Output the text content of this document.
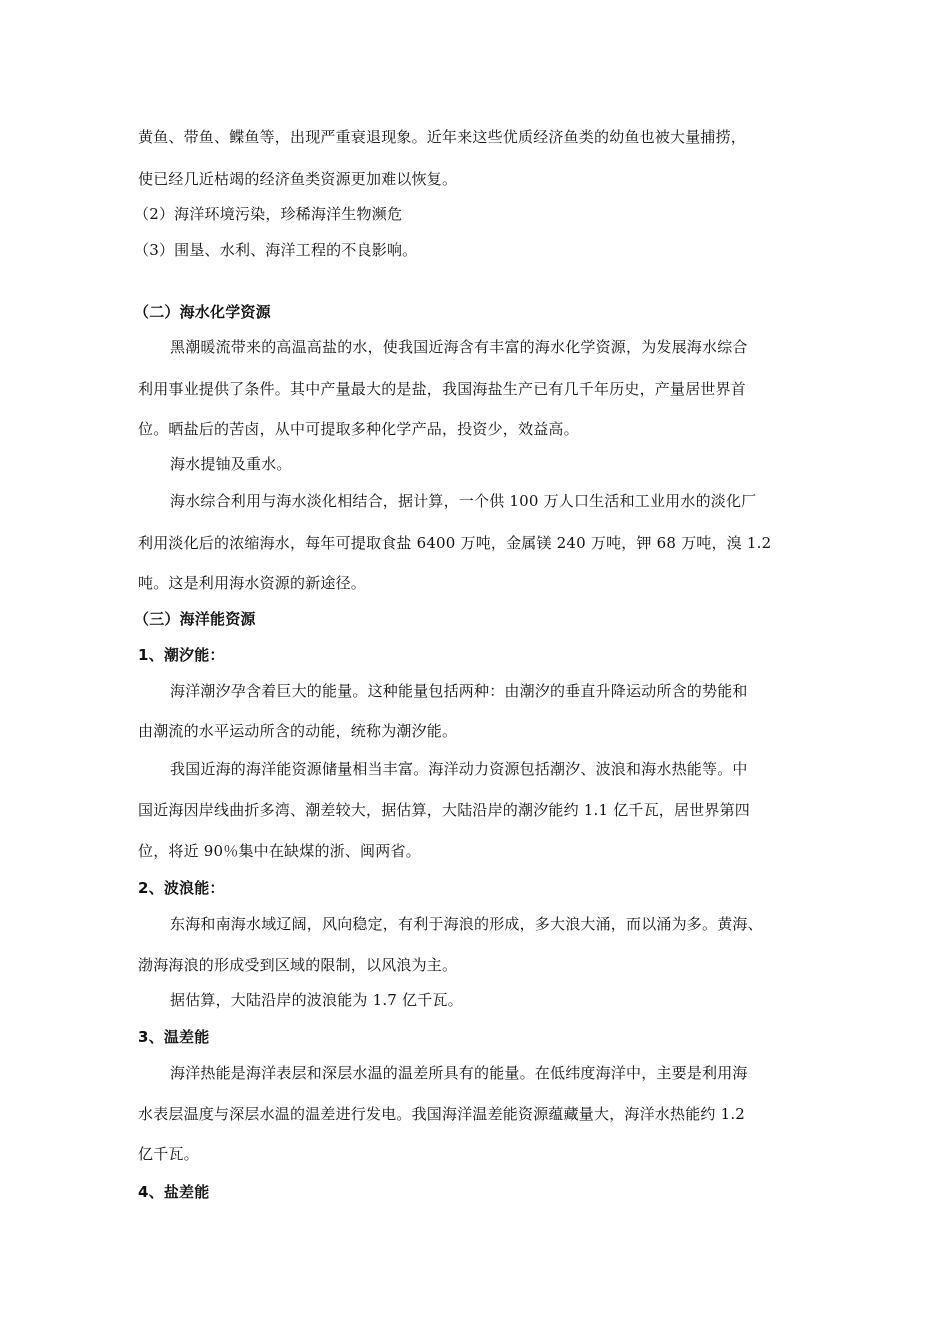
黄鱼、带鱼、鲽鱼等，出现严重衰退现象。近年来这些优质经济鱼类的幼鱼也被大量捕捞，
使已经几近枯竭的经济鱼类资源更加难以恢复。
（2）海洋环境污染，珍稀海洋生物濒危
（3）围垦、水利、海洋工程的不良影响。
（二）海水化学资源
黑潮暖流带来的高温高盐的水，使我国近海含有丰富的海水化学资源，为发展海水综合
利用事业提供了条件。其中产量最大的是盐，我国海盐生产已有几千年历史，产量居世界首
位。晒盐后的苦卤，从中可提取多种化学产品，投资少，效益高。
海水提铀及重水。
海水综合利用与海水淡化相结合，据计算，一个供 100 万人口生活和工业用水的淡化厂
利用淡化后的浓缩海水，每年可提取食盐 6400 万吨，金属镁 240 万吨，钾 68 万吨，溴 1.2
吨。这是利用海水资源的新途径。
（三）海洋能资源
1、潮汐能：
海洋潮汐孕含着巨大的能量。这种能量包括两种：由潮汐的垂直升降运动所含的势能和
由潮流的水平运动所含的动能，统称为潮汐能。
我国近海的海洋能资源储量相当丰富。海洋动力资源包括潮汐、波浪和海水热能等。中
国近海因岸线曲折多湾、潮差较大，据估算，大陆沿岸的潮汐能约 1.1 亿千瓦，居世界第四
位，将近 90％集中在缺煤的浙、闽两省。
2、波浪能：
东海和南海水域辽阔，风向稳定，有利于海浪的形成，多大浪大涌，而以涌为多。黄海、
渤海海浪的形成受到区域的限制，以风浪为主。
据估算，大陆沿岸的波浪能为 1.7 亿千瓦。
3、温差能
海洋热能是海洋表层和深层水温的温差所具有的能量。在低纬度海洋中，主要是利用海
水表层温度与深层水温的温差进行发电。我国海洋温差能资源蕴藏量大，海洋水热能约 1.2
亿千瓦。
4、盐差能
